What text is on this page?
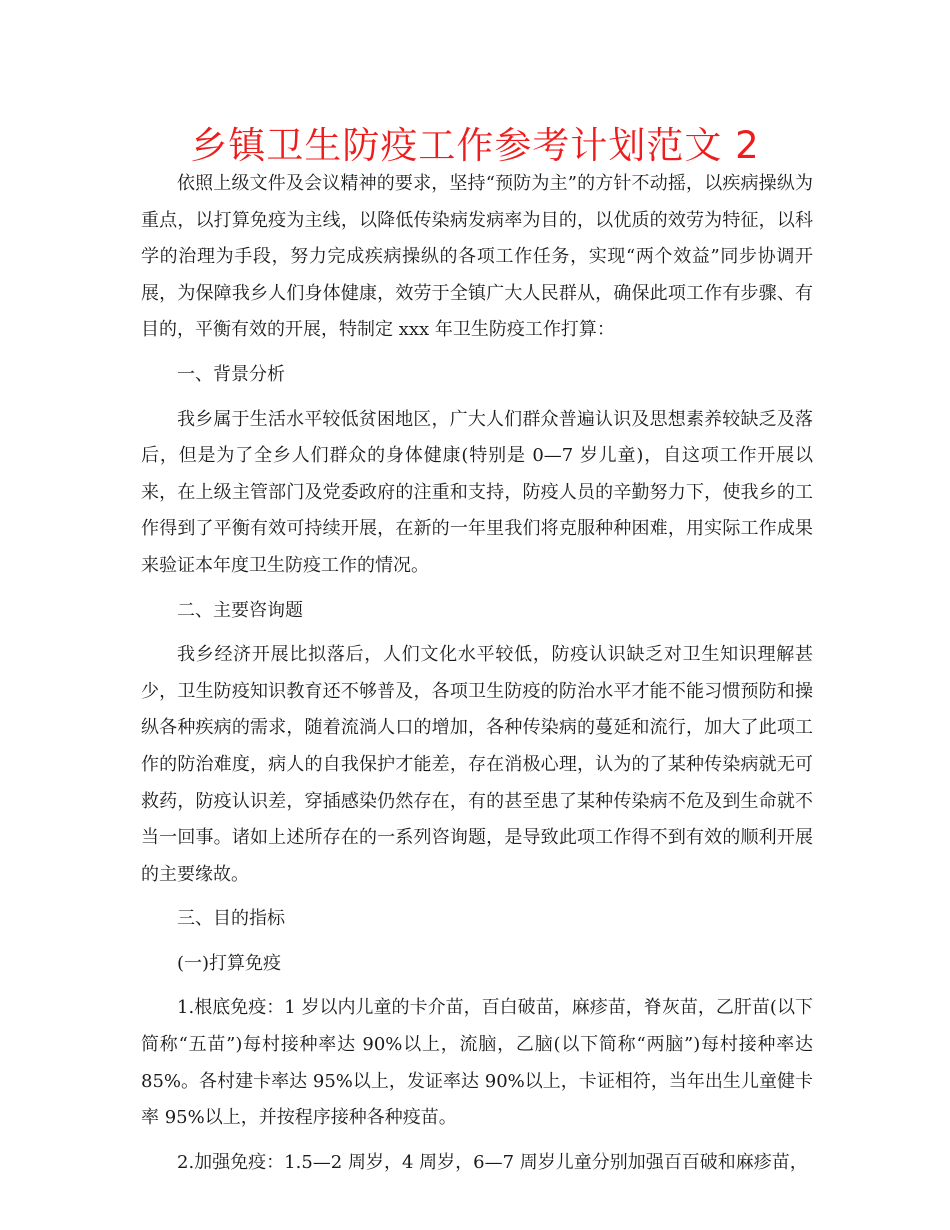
乡镇卫生防疫工作参考计划范文 2

依照上级文件及会议精神的要求，坚持“预防为主”的方针不动摇，以疾病操纵为重点，以打算免疫为主线，以降低传染病发病率为目的，以优质的效劳为特征，以科学的治理为手段，努力完成疾病操纵的各项工作任务，实现“两个效益”同步协调开展，为保障我乡人们身体健康，效劳于全镇广大人民群从，确保此项工作有步骤、有目的，平衡有效的开展，特制定 xxx 年卫生防疫工作打算：

一、背景分析

我乡属于生活水平较低贫困地区，广大人们群众普遍认识及思想素养较缺乏及落后，但是为了全乡人们群众的身体健康(特别是 0—7 岁儿童)，自这项工作开展以来，在上级主管部门及党委政府的注重和支持，防疫人员的辛勤努力下，使我乡的工作得到了平衡有效可持续开展，在新的一年里我们将克服种种困难，用实际工作成果来验证本年度卫生防疫工作的情况。

二、主要咨询题

我乡经济开展比拟落后，人们文化水平较低，防疫认识缺乏对卫生知识理解甚少，卫生防疫知识教育还不够普及，各项卫生防疫的防治水平才能不能习惯预防和操纵各种疾病的需求，随着流淌人口的增加，各种传染病的蔓延和流行，加大了此项工作的防治难度，病人的自我保护才能差，存在消极心理，认为的了某种传染病就无可救药，防疫认识差，穿插感染仍然存在，有的甚至患了某种传染病不危及到生命就不当一回事。诸如上述所存在的一系列咨询题，是导致此项工作得不到有效的顺利开展的主要缘故。

三、目的指标

(一)打算免疫

1.根底免疫：1 岁以内儿童的卡介苗，百白破苗，麻疹苗，脊灰苗，乙肝苗(以下简称“五苗”)每村接种率达 90%以上，流脑，乙脑(以下简称“两脑”)每村接种率达 85%。各村建卡率达 95%以上，发证率达 90%以上，卡证相符，当年出生儿童健卡率 95%以上，并按程序接种各种疫苗。

2.加强免疫：1.5—2 周岁，4 周岁，6—7 周岁儿童分别加强百百破和麻疹苗，
